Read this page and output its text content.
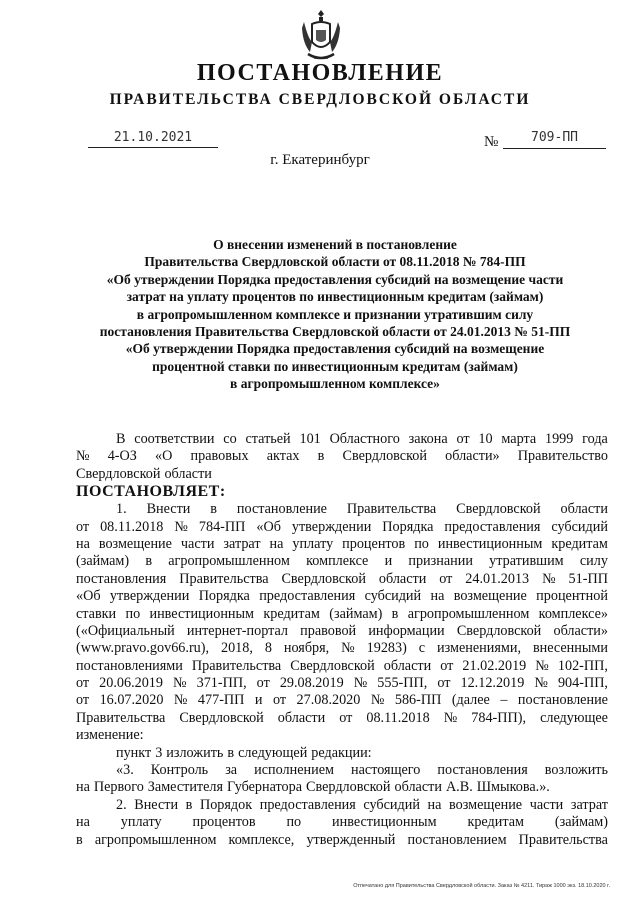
ПОСТАНОВЛЕНИЕ
ПРАВИТЕЛЬСТВА СВЕРДЛОВСКОЙ ОБЛАСТИ
21.10.2021	№	709-ПП
г. Екатеринбург
О внесении изменений в постановление
Правительства Свердловской области от 08.11.2018 № 784-ПП
«Об утверждении Порядка предоставления субсидий на возмещение части
затрат на уплату процентов по инвестиционным кредитам (займам)
в агропромышленном комплексе и признании утратившим силу
постановления Правительства Свердловской области от 24.01.2013 № 51-ПП
«Об утверждении Порядка предоставления субсидий на возмещение
процентной ставки по инвестиционным кредитам (займам)
в агропромышленном комплексе»
В соответствии со статьей 101 Областного закона от 10 марта 1999 года
№ 4-ОЗ «О правовых актах в Свердловской области» Правительство
Свердловской области
ПОСТАНОВЛЯЕТ:
1. Внести в постановление Правительства Свердловской области
от 08.11.2018 № 784-ПП «Об утверждении Порядка предоставления субсидий
на возмещение части затрат на уплату процентов по инвестиционным кредитам
(займам) в агропромышленном комплексе и признании утратившим силу
постановления Правительства Свердловской области от 24.01.2013 № 51-ПП
«Об утверждении Порядка предоставления субсидий на возмещение процентной
ставки по инвестиционным кредитам (займам) в агропромышленном комплексе»
(«Официальный интернет-портал правовой информации Свердловской области»
(www.pravo.gov66.ru), 2018, 8 ноября, № 19283) с изменениями, внесенными
постановлениями Правительства Свердловской области от 21.02.2019 № 102-ПП,
от 20.06.2019 № 371-ПП, от 29.08.2019 № 555-ПП, от 12.12.2019 № 904-ПП,
от 16.07.2020 № 477-ПП и от 27.08.2020 № 586-ПП (далее – постановление
Правительства Свердловской области от 08.11.2018 № 784-ПП), следующее
изменение:
пункт 3 изложить в следующей редакции:
«3. Контроль за исполнением настоящего постановления возложить
на Первого Заместителя Губернатора Свердловской области А.В. Шмыкова.».
2. Внести в Порядок предоставления субсидий на возмещение части затрат
на уплату процентов по инвестиционным кредитам (займам)
в агропромышленном комплексе, утвержденный постановлением Правительства
Отпечатано для Правительства Свердловской области. Заказ № 4211. Тираж 1000 экз. 18.10.2020 г.
